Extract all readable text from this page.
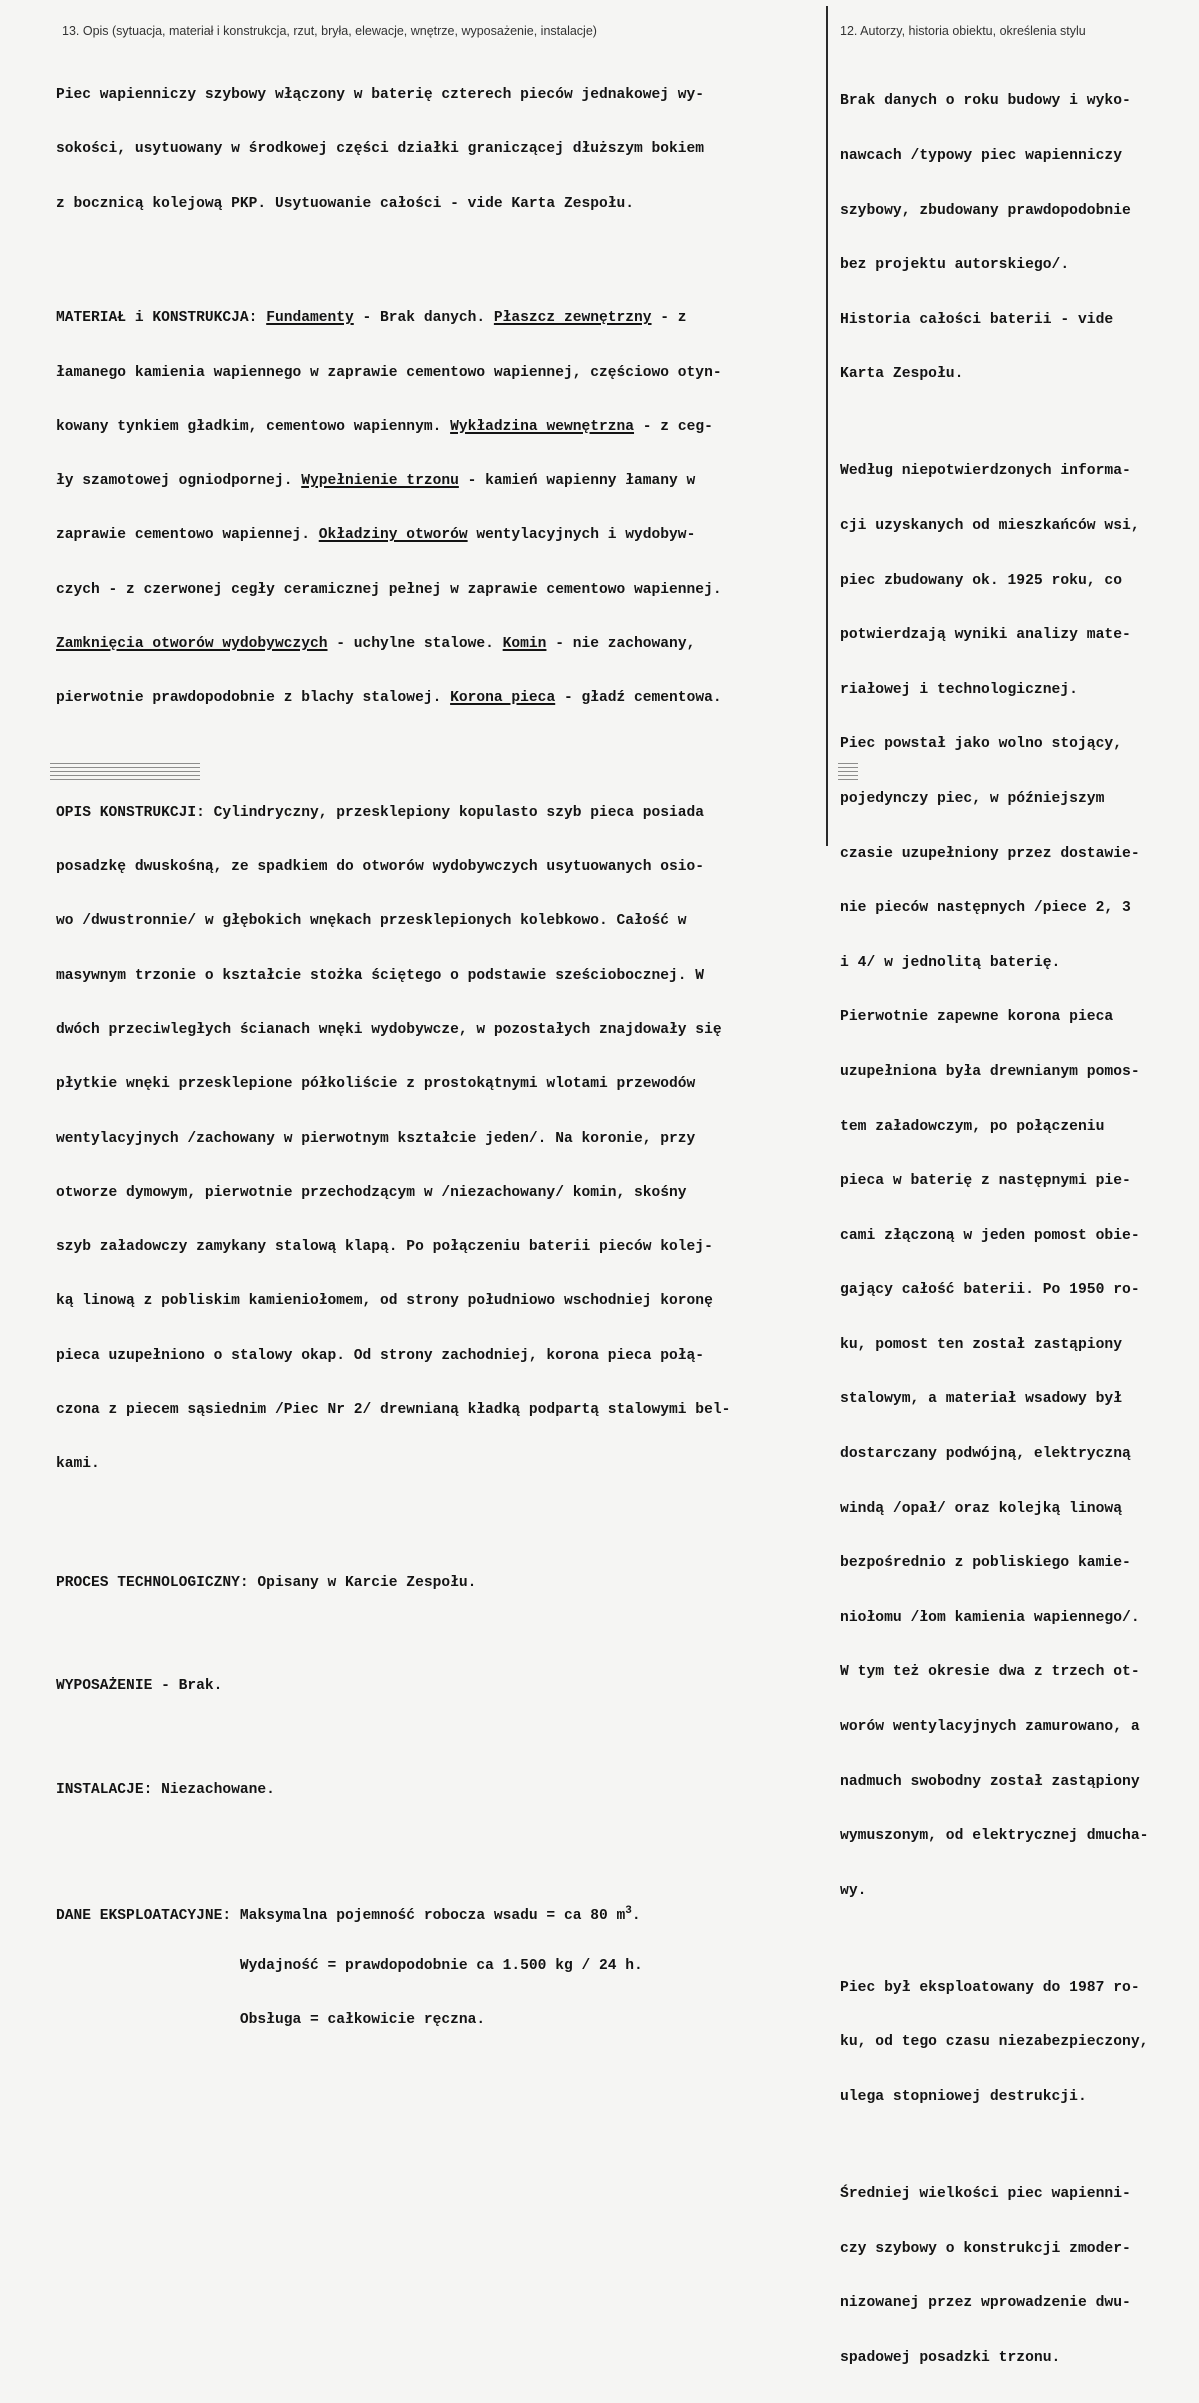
13. Opis (sytuacja, materiał i konstrukcja, rzut, bryła, elewacje, wnętrze, wyposażenie, instalacje)	12. Autorzy, historia obiektu, określenia stylu

Piec wapienniczy szybowy włączony w baterię czterech pieców jednakowej wy-

sokości, usytuowany w środkowej części działki graniczącej dłuższym bokiem

z bocznicą kolejową PKP. Usytuowanie całości - vide Karta Zespołu.

MATERIAŁ i KONSTRUKCJA: Fundamenty - Brak danych. Płaszcz zewnętrzny - z

łamanego kamienia wapiennego w zaprawie cementowo wapiennej, częściowo otyn-

kowany tynkiem gładkim, cementowo wapiennym. Wykładzina wewnętrzna - z ceg-

ły szamotowej ogniodpornej. Wypełnienie trzonu - kamień wapienny łamany w

zaprawie cementowo wapiennej. Okładziny otworów wentylacyjnych i wydobyw-

czych - z czerwonej cegły ceramicznej pełnej w zaprawie cementowo wapiennej.

Zamknięcia otworów wydobywczych - uchylne stalowe. Komin - nie zachowany,

pierwotnie prawdopodobnie z blachy stalowej. Korona pieca - gładź cementowa.

OPIS KONSTRUKCJI: Cylindryczny, przesklepiony kopulasto szyb pieca posiada

posadzkę dwuskośną, ze spadkiem do otworów wydobywczych usytuowanych osio-

wo /dwustronnie/ w głębokich wnękach przesklepionych kolebkowo. Całość w

masywnym trzonie o kształcie stożka ściętego o podstawie sześciobocznej. W

dwóch przeciwległych ścianach wnęki wydobywcze, w pozostałych znajdowały się

płytkie wnęki przesklepione półkoliście z prostokątnymi wlotami przewodów

wentylacyjnych /zachowany w pierwotnym kształcie jeden/. Na koronie, przy

otworze dymowym, pierwotnie przechodzącym w /niezachowany/ komin, skośny

szyb załadowczy zamykany stalową klapą. Po połączeniu baterii pieców kolej-

ką linową z pobliskim kamieniołomem, od strony południowo wschodniej koronę

pieca uzupełniono o stalowy okap. Od strony zachodniej, korona pieca połą-

czona z piecem sąsiednim /Piec Nr 2/ drewnianą kładką podpartą stalowymi bel-

kami.

PROCES TECHNOLOGICZNY: Opisany w Karcie Zespołu.

WYPOSAŻENIE - Brak.

INSTALACJE: Niezachowane.

DANE EKSPLOATACYJNE: Maksymalna pojemność robocza wsadu = ca 80 $m^3$.

Wydajność = prawdopodobnie ca 1.500 kg / 24 h.

Obsługa = całkowicie ręczna.

Brak danych o roku budowy i wyko-

nawcach /typowy piec wapienniczy

szybowy, zbudowany prawdopodobnie

bez projektu autorskiego/.

Historia całości baterii - vide

Karta Zespołu.

Według niepotwierdzonych informa-

cji uzyskanych od mieszkańców wsi,

piec zbudowany ok. 1925 roku, co

potwierdzają wyniki analizy mate-

riałowej i technologicznej.

Piec powstał jako wolno stojący,

pojedynczy piec, w późniejszym

czasie uzupełniony przez dostawie-

nie pieców następnych /piece 2, 3

i 4/ w jednolitą baterię.

Pierwotnie zapewne korona pieca

uzupełniona była drewnianym pomos-

tem załadowczym, po połączeniu

pieca w baterię z następnymi pie-

cami złączoną w jeden pomost obie-

gający całość baterii. Po 1950 ro-

ku, pomost ten został zastąpiony

stalowym, a materiał wsadowy był

dostarczany podwójną, elektryczną

windą /opał/ oraz kolejką linową

bezpośrednio z pobliskiego kamie-

niołomu /łom kamienia wapiennego/.

W tym też okresie dwa z trzech ot-

worów wentylacyjnych zamurowano, a

nadmuch swobodny został zastąpiony

wymuszonym, od elektrycznej dmucha-

wy.

Piec był eksploatowany do 1987 ro-

ku, od tego czasu niezabezpieczony,

ulega stopniowej destrukcji.

Średniej wielkości piec wapienni-

czy szybowy o konstrukcji zmoder-

nizowanej przez wprowadzenie dwu-

spadowej posadzki trzonu.
